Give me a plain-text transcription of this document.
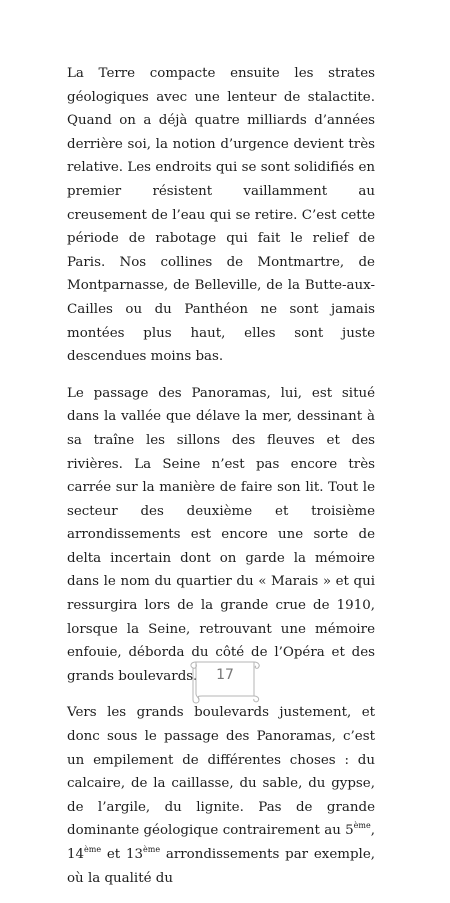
La Terre compacte ensuite les strates géologiques avec une lenteur de stalactite. Quand on a déjà quatre milliards d’années derrière soi, la notion d’urgence devient très relative. Les endroits qui se sont solidifiés en premier résistent vaillamment au creusement de l’eau qui se retire. C’est cette période de rabotage qui fait le relief de Paris. Nos collines de Montmartre, de Montparnasse, de Belleville, de la Butte-aux-Cailles ou du Panthéon ne sont jamais montées plus haut, elles sont juste descendues moins bas.

Le passage des Panoramas, lui, est situé dans la vallée que délave la mer, dessinant à sa traîne les sillons des fleuves et des rivières. La Seine n’est pas encore très carrée sur la manière de faire son lit. Tout le secteur des deuxième et troisième arrondissements est encore une sorte de delta incertain dont on garde la mémoire dans le nom du quartier du « Marais » et qui ressurgira lors de la grande crue de 1910, lorsque la Seine, retrouvant une mémoire enfouie, déborda du côté de l’Opéra et des grands boulevards.

Vers les grands boulevards justement, et donc sous le passage des Panoramas, c’est un empilement de différentes choses : du calcaire, de la caillasse, du sable, du gypse, de l’argile, du lignite. Pas de grande dominante géologique contrairement au 5ème, 14ème et 13ème arrondissements par exemple, où la qualité du

17
